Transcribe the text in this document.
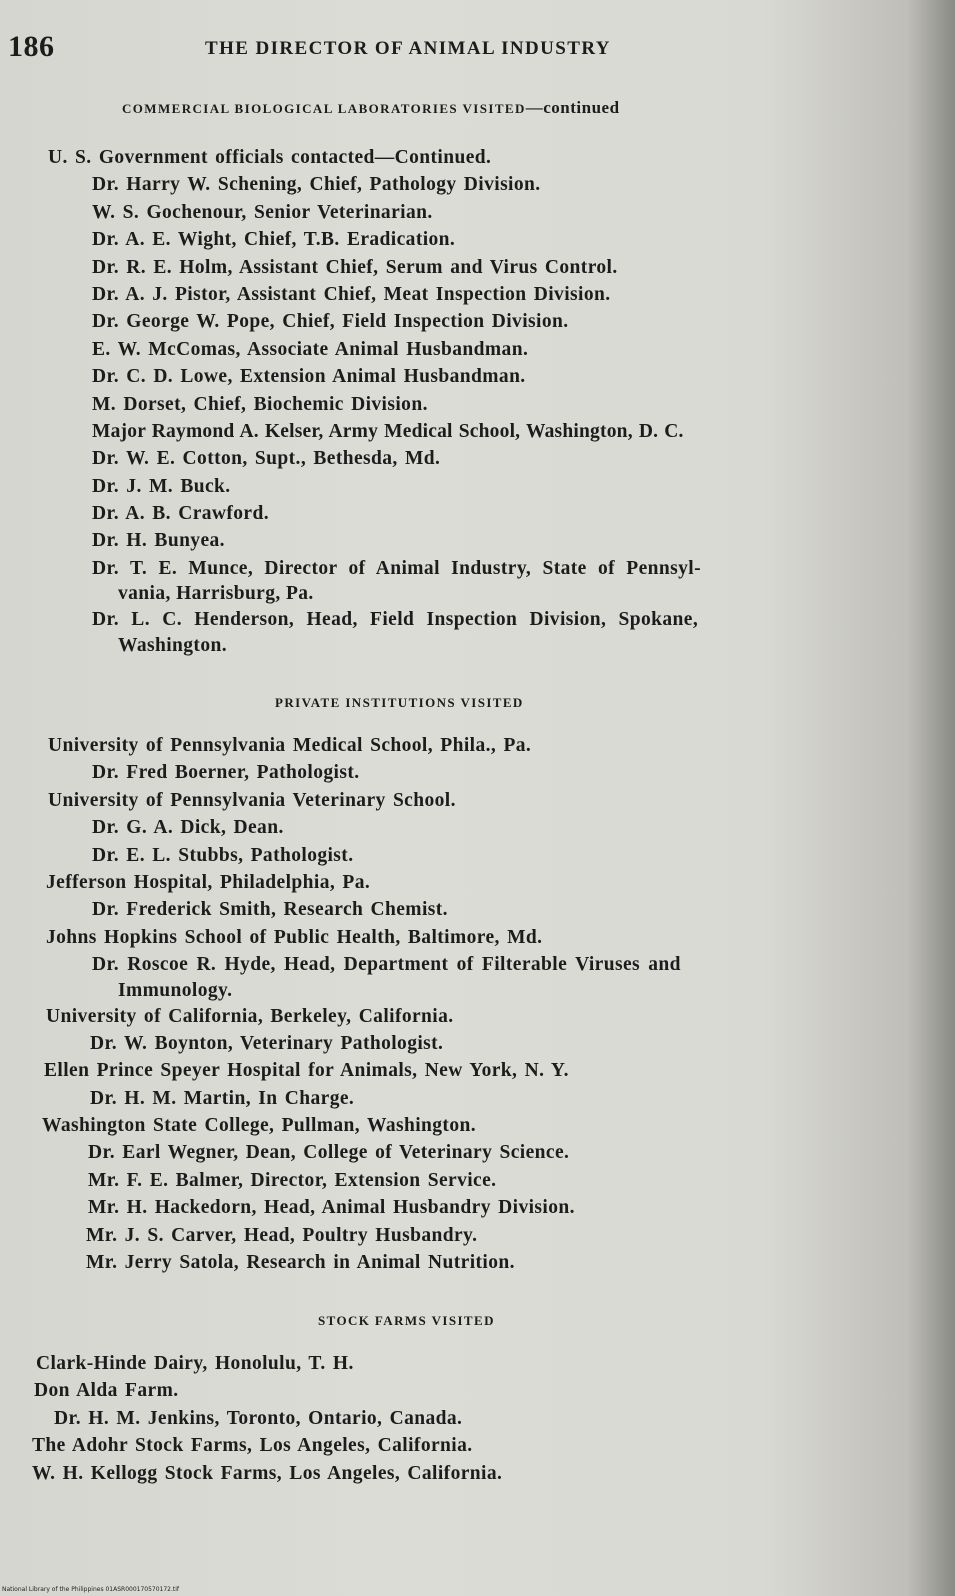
186	THE DIRECTOR OF ANIMAL INDUSTRY
COMMERCIAL BIOLOGICAL LABORATORIES VISITED—continued
U. S. Government officials contacted—Continued.
Dr. Harry W. Schening, Chief, Pathology Division.
W. S. Gochenour, Senior Veterinarian.
Dr. A. E. Wight, Chief, T.B. Eradication.
Dr. R. E. Holm, Assistant Chief, Serum and Virus Control.
Dr. A. J. Pistor, Assistant Chief, Meat Inspection Division.
Dr. George W. Pope, Chief, Field Inspection Division.
E. W. McComas, Associate Animal Husbandman.
Dr. C. D. Lowe, Extension Animal Husbandman.
M. Dorset, Chief, Biochemic Division.
Major Raymond A. Kelser, Army Medical School, Washington, D. C.
Dr. W. E. Cotton, Supt., Bethesda, Md.
Dr. J. M. Buck.
Dr. A. B. Crawford.
Dr. H. Bunyea.
Dr. T. E. Munce, Director of Animal Industry, State of Pennsyl-
vania, Harrisburg, Pa.
Dr. L. C. Henderson, Head, Field Inspection Division, Spokane,
Washington.
PRIVATE INSTITUTIONS VISITED
University of Pennsylvania Medical School, Phila., Pa.
Dr. Fred Boerner, Pathologist.
University of Pennsylvania Veterinary School.
Dr. G. A. Dick, Dean.
Dr. E. L. Stubbs, Pathologist.
Jefferson Hospital, Philadelphia, Pa.
Dr. Frederick Smith, Research Chemist.
Johns Hopkins School of Public Health, Baltimore, Md.
Dr. Roscoe R. Hyde, Head, Department of Filterable Viruses and
Immunology.
University of California, Berkeley, California.
Dr. W. Boynton, Veterinary Pathologist.
Ellen Prince Speyer Hospital for Animals, New York, N. Y.
Dr. H. M. Martin, In Charge.
Washington State College, Pullman, Washington.
Dr. Earl Wegner, Dean, College of Veterinary Science.
Mr. F. E. Balmer, Director, Extension Service.
Mr. H. Hackedorn, Head, Animal Husbandry Division.
Mr. J. S. Carver, Head, Poultry Husbandry.
Mr. Jerry Satola, Research in Animal Nutrition.
STOCK FARMS VISITED
Clark-Hinde Dairy, Honolulu, T. H.
Don Alda Farm.
Dr. H. M. Jenkins, Toronto, Ontario, Canada.
The Adohr Stock Farms, Los Angeles, California.
W. H. Kellogg Stock Farms, Los Angeles, California.
National Library of the Philippines 01ASR000170570172.tif
